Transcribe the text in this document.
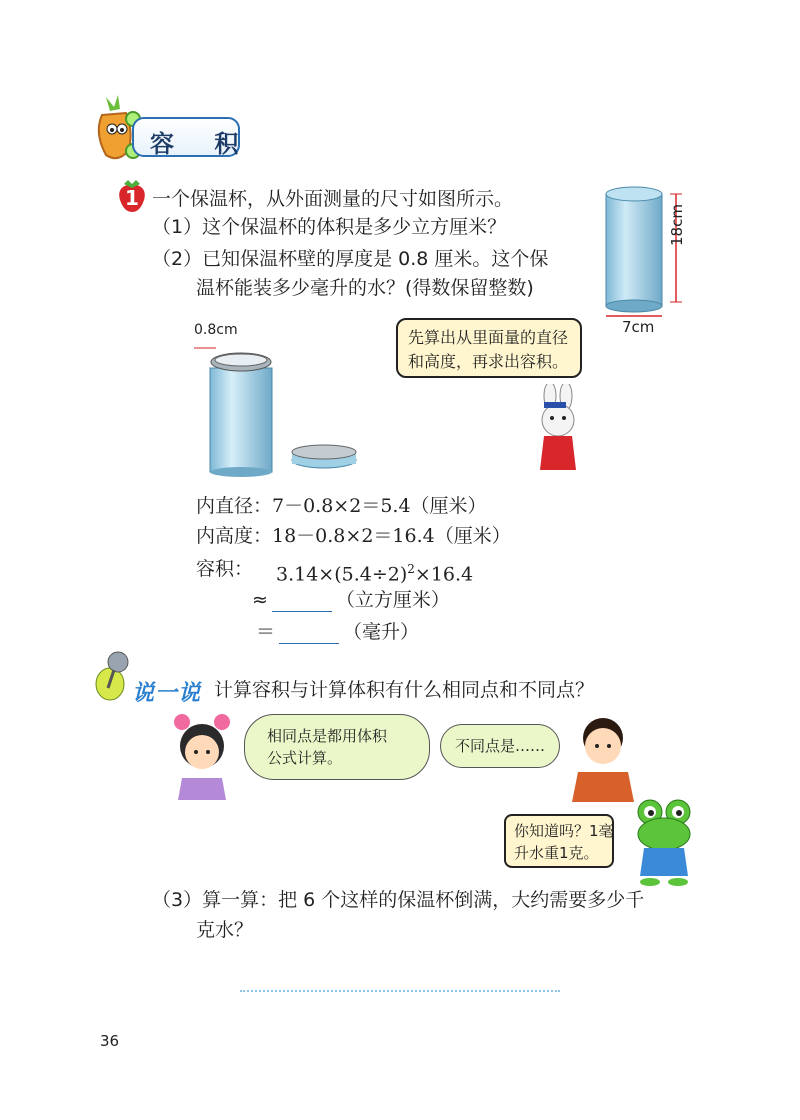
容 积
1 一个保温杯，从外面测量的尺寸如图所示。
（1）这个保温杯的体积是多少立方厘米？
（2）已知保温杯壁的厚度是 0.8 厘米。这个保
温杯能装多少毫升的水？(得数保留整数)
18cm
7cm
0.8cm	先算出从里面量的直径
和高度，再求出容积。
内直径：7－0.8×2＝5.4（厘米）
内高度：18－0.8×2＝16.4（厘米）
容积： $3.14\times(5.4\div 2)^2\times 16.4$
≈	（立方厘米）
＝	（毫升）
说一说 计算容积与计算体积有什么相同点和不同点？
相同点是都用体积
公式计算。
不同点是……
你知道吗？1毫
升水重1克。
（3）算一算：把 6 个这样的保温杯倒满，大约需要多少千
克水？
36
